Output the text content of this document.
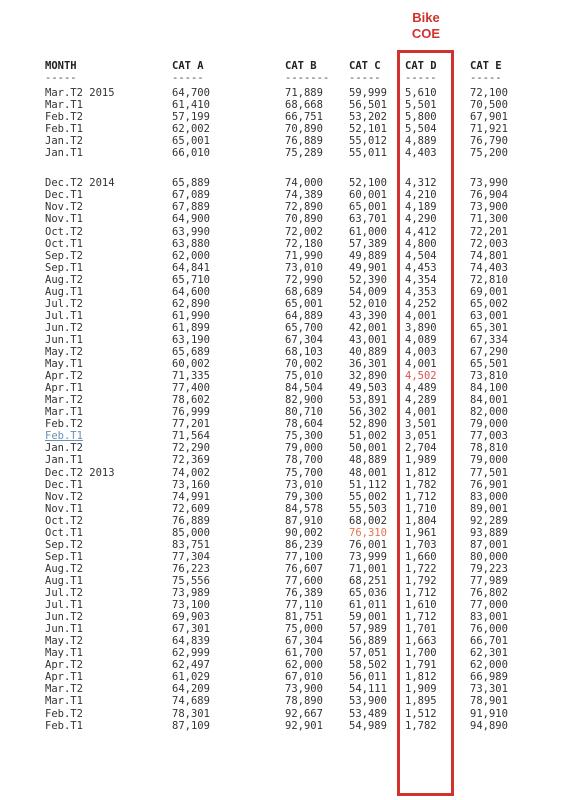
Bike
COE
MONTH	CAT A	CAT B	CAT C CAT D	CAT E
-----	-----	------- ----- -----	-----
Mar.T2 2015	64,700	71,889 59,999 5,610	72,100
Mar.T1	61,410	68,668 56,501 5,501	70,500
Feb.T2	57,199	66,751 53,202 5,800	67,901
Feb.T1	62,002	70,890 52,101 5,504	71,921
Jan.T2	65,001	76,889 55,012 4,889	76,790
Jan.T1	66,010	75,289 55,011 4,403	75,200
Dec.T2 2014	65,889	74,000 52,100 4,312	73,990
Dec.T1	67,089	74,389 60,001 4,210	76,904
Nov.T2	67,889	72,890 65,001 4,189	73,900
Nov.T1	64,900	70,890 63,701 4,290	71,300
Oct.T2	63,990	72,002 61,000 4,412	72,201
Oct.T1	63,880	72,180 57,389 4,800	72,003
Sep.T2	62,000	71,990 49,889 4,504	74,801
Sep.T1	64,841	73,010 49,901 4,453	74,403
Aug.T2	65,710	72,990 52,390 4,354	72,810
Aug.T1	64,600	68,689 54,009 4,353	69,001
Jul.T2	62,890	65,001 52,010 4,252	65,002
Jul.T1	61,990	64,889 43,390 4,001	63,001
Jun.T2	61,899	65,700 42,001 3,890	65,301
Jun.T1	63,190	67,304 43,001 4,089	67,334
May.T2	65,689	68,103 40,889 4,003	67,290
May.T1	60,002	70,002 36,301 4,001	65,501
Apr.T2	71,335	75,010 32,890 4,502	73,810
Apr.T1	77,400	84,504 49,503 4,489	84,100
Mar.T2	78,602	82,900 53,891 4,289	84,001
Mar.T1	76,999	80,710 56,302 4,001	82,000
Feb.T2	77,201	78,604 52,890 3,501	79,000
Feb.T1	71,564	75,300 51,002 3,051	77,003
Jan.T2	72,290	79,000 50,001 2,704	78,810
Jan.T1	72,369	78,700 48,889 1,989	79,000
Dec.T2 2013	74,002	75,700 48,001 1,812	77,501
Dec.T1	73,160	73,010 51,112 1,782	76,901
Nov.T2	74,991	79,300 55,002 1,712	83,000
Nov.T1	72,609	84,578 55,503 1,710	89,001
Oct.T2	76,889	87,910 68,002 1,804	92,289
Oct.T1	85,000	90,002 76,310 1,961	93,889
Sep.T2	83,751	86,239 76,001 1,703	87,001
Sep.T1	77,304	77,100 73,999 1,660	80,000
Aug.T2	76,223	76,607 71,001 1,722	79,223
Aug.T1	75,556	77,600 68,251 1,792	77,989
Jul.T2	73,989	76,389 65,036 1,712	76,802
Jul.T1	73,100	77,110 61,011 1,610	77,000
Jun.T2	69,903	81,751 59,001 1,712	83,001
Jun.T1	67,301	75,000 57,989 1,701	76,000
May.T2	64,839	67,304 56,889 1,663	66,701
May.T1	62,999	61,700 57,051 1,700	62,301
Apr.T2	62,497	62,000 58,502 1,791	62,000
Apr.T1	61,029	67,010 56,011 1,812	66,989
Mar.T2	64,209	73,900 54,111 1,909	73,301
Mar.T1	74,689	78,890 53,900 1,895	78,901
Feb.T2	78,301	92,667 53,489 1,512	91,910
Feb.T1	87,109	92,901 54,989 1,782	94,890
